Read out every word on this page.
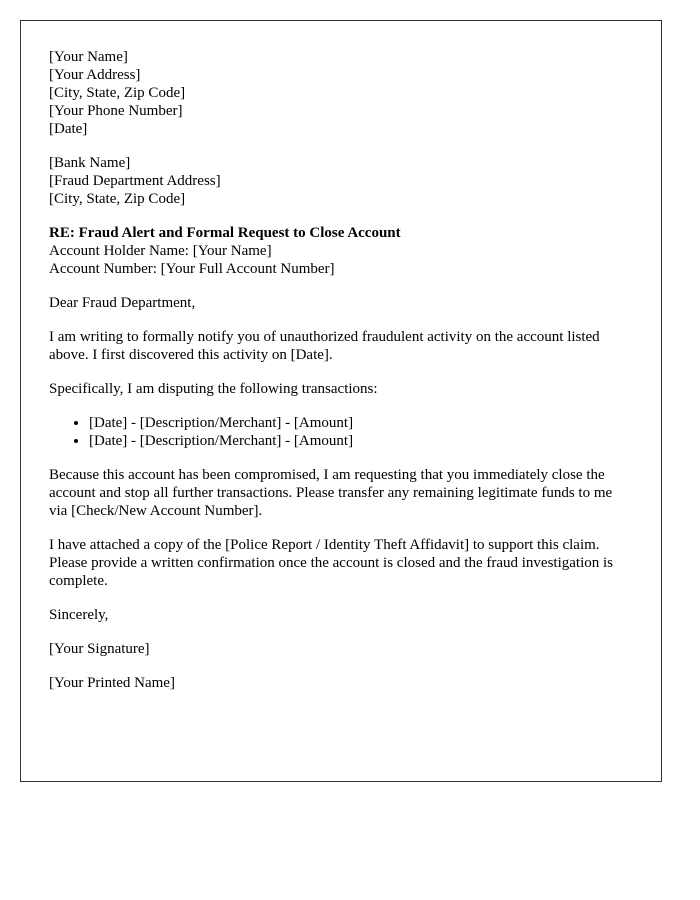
[Your Name]
[Your Address]
[City, State, Zip Code]
[Your Phone Number]
[Date]
[Bank Name]
[Fraud Department Address]
[City, State, Zip Code]
RE: Fraud Alert and Formal Request to Close Account
Account Holder Name: [Your Name]
Account Number: [Your Full Account Number]

Dear Fraud Department,

I am writing to formally notify you of unauthorized fraudulent activity on the account listed above. I first discovered this activity on [Date].

Specifically, I am disputing the following transactions:

• [Date] - [Description/Merchant] - [Amount]
• [Date] - [Description/Merchant] - [Amount]

Because this account has been compromised, I am requesting that you immediately close the account and stop all further transactions. Please transfer any remaining legitimate funds to me via [Check/New Account Number].

I have attached a copy of the [Police Report / Identity Theft Affidavit] to support this claim. Please provide a written confirmation once the account is closed and the fraud investigation is complete.

Sincerely,

[Your Signature]

[Your Printed Name]
